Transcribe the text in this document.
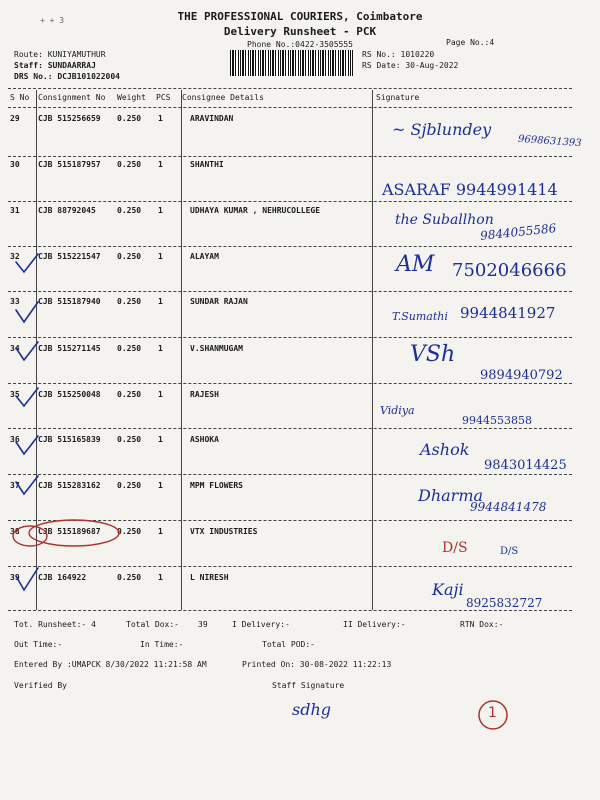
+ + 3	THE PROFESSIONAL COURIERS, Coimbatore
Delivery Runsheet - PCK
Phone No.:0422-3505555	Page No.:4
Route: KUNIYAMUTHUR
Staff: SUNDAARRAJ
DRS No.: DCJB101022004
RS No.: 1010220
RS Date: 30-Aug-2022
S No Consignment No Weight PCS Consignee Details	Signature
29 CJB 515256659 0.250 1	ARAVINDAN
~ Sjblundey
9698631393
30 CJB 515187957 0.250 1	SHANTHI
ASARAF 9944991414
31 CJB 88792045	0.250 1	UDHAYA KUMAR , NEHRUCOLLEGE
the Suballhon
9844055586
32 CJB 515221547 0.250 1	ALAYAM	AM 7502046666
33 CJB 515187940 0.250 1	SUNDAR RAJAN
T.Sumathi 9944841927
34 CJB 515271145 0.250 1	V.SHANMUGAM	VSh
9894940792
35 CJB 515250048 0.250 1	RAJESH
Vidiya
9944553858
36 CJB 515165839 0.250 1	ASHOKA
Ashok
9843014425
37 CJB 515283162 0.250 1	MPM FLOWERS
Dharma
9944841478
38 CJB 515189687 0.250 1	VTX INDUSTRIES
D/S	D/S
39 CJB 164922	0.250 1	L NIRESH
Kaji
8925832727
Tot. Runsheet:- 4	Total Dox:- 39	I Delivery:-	II Delivery:-	RTN Dox:-
Out Time:-	In Time:-	Total POD:-
Entered By :UMAPCK 8/30/2022 11:21:58 AM	Printed On: 30-08-2022 11:22:13
Verified By	Staff Signature
sdhg	1
